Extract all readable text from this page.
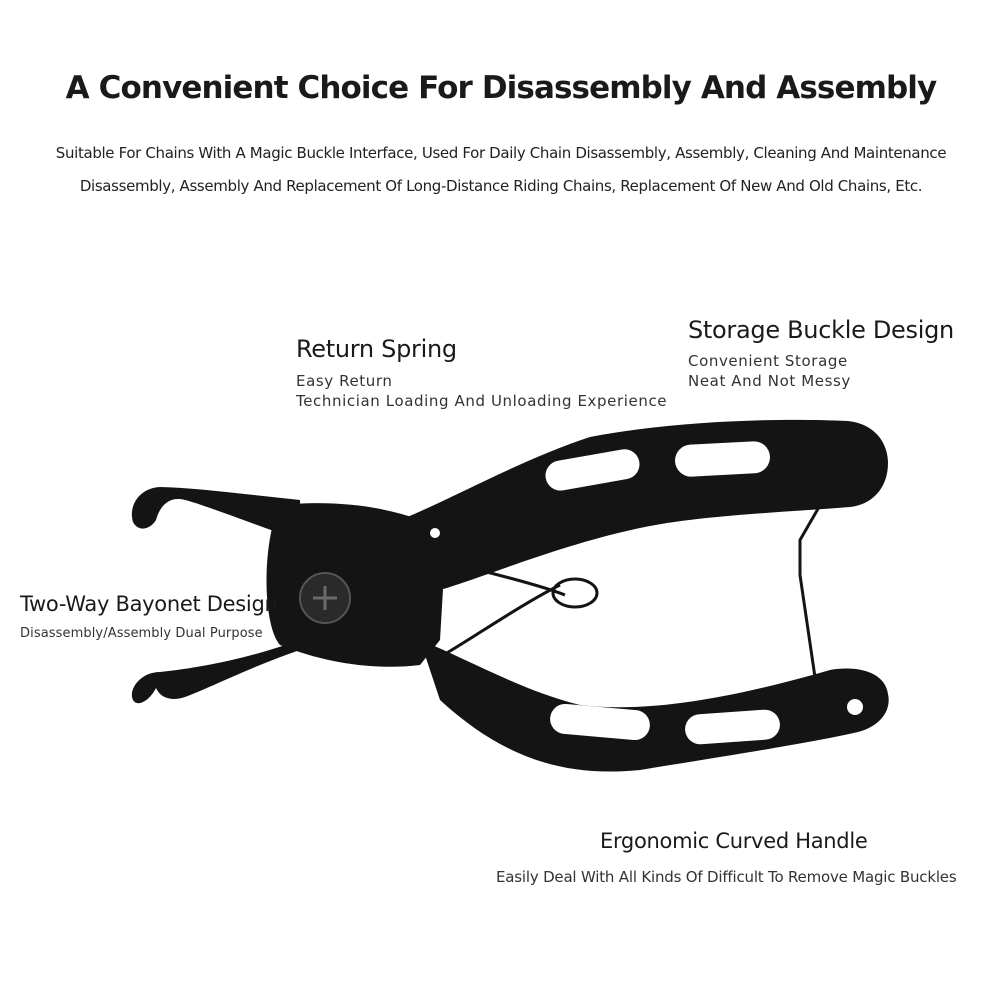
A Convenient Choice For Disassembly And Assembly
Suitable For Chains With A Magic Buckle Interface, Used For Daily Chain Disassembly, Assembly, Cleaning And Maintenance
Disassembly, Assembly And Replacement Of Long-Distance Riding Chains, Replacement Of New And Old Chains, Etc.
Return Spring
Easy Return
Technician Loading And Unloading Experience
Storage Buckle Design
Convenient Storage
Neat And Not Messy
Two-Way Bayonet Design
Disassembly/Assembly Dual Purpose
Ergonomic Curved Handle
Easily Deal With All Kinds Of Difficult To Remove Magic Buckles
